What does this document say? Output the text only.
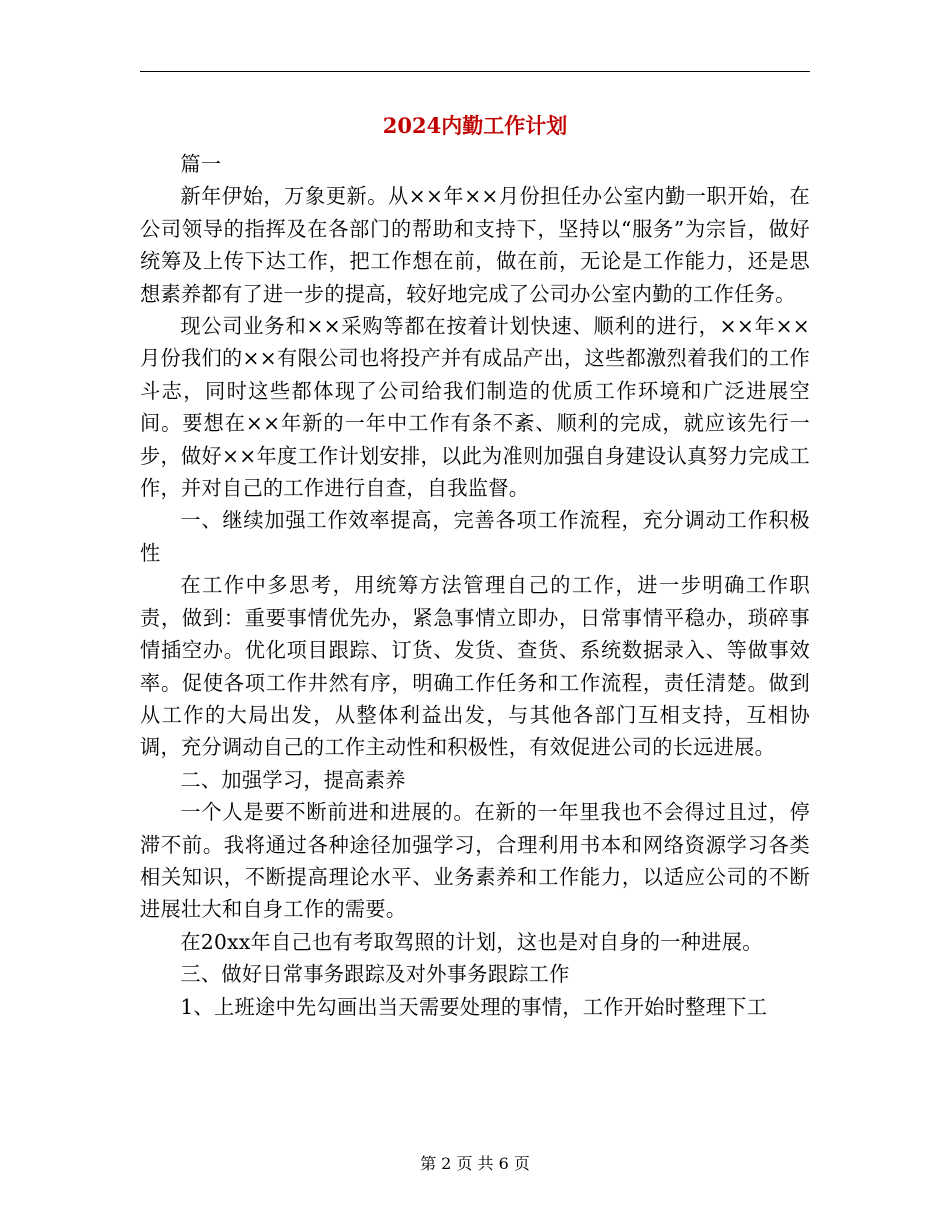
2024内勤工作计划

篇一

新年伊始，万象更新。从××年××月份担任办公室内勤一职开始，在公司领导的指挥及在各部门的帮助和支持下，坚持以“服务”为宗旨，做好统筹及上传下达工作，把工作想在前，做在前，无论是工作能力，还是思想素养都有了进一步的提高，较好地完成了公司办公室内勤的工作任务。

现公司业务和××采购等都在按着计划快速、顺利的进行，××年××月份我们的××有限公司也将投产并有成品产出，这些都激烈着我们的工作斗志，同时这些都体现了公司给我们制造的优质工作环境和广泛进展空间。要想在××年新的一年中工作有条不紊、顺利的完成，就应该先行一步，做好××年度工作计划安排，以此为准则加强自身建设认真努力完成工作，并对自己的工作进行自查，自我监督。

一、继续加强工作效率提高，完善各项工作流程，充分调动工作积极性

在工作中多思考，用统筹方法管理自己的工作，进一步明确工作职责，做到：重要事情优先办，紧急事情立即办，日常事情平稳办，琐碎事情插空办。优化项目跟踪、订货、发货、查货、系统数据录入、等做事效率。促使各项工作井然有序，明确工作任务和工作流程，责任清楚。做到从工作的大局出发，从整体利益出发，与其他各部门互相支持，互相协调，充分调动自己的工作主动性和积极性，有效促进公司的长远进展。

二、加强学习，提高素养

一个人是要不断前进和进展的。在新的一年里我也不会得过且过，停滞不前。我将通过各种途径加强学习，合理利用书本和网络资源学习各类相关知识，不断提高理论水平、业务素养和工作能力，以适应公司的不断进展壮大和自身工作的需要。

在20xx年自己也有考取驾照的计划，这也是对自身的一种进展。

三、做好日常事务跟踪及对外事务跟踪工作

1、上班途中先勾画出当天需要处理的事情，工作开始时整理下工

第 2 页 共 6 页
